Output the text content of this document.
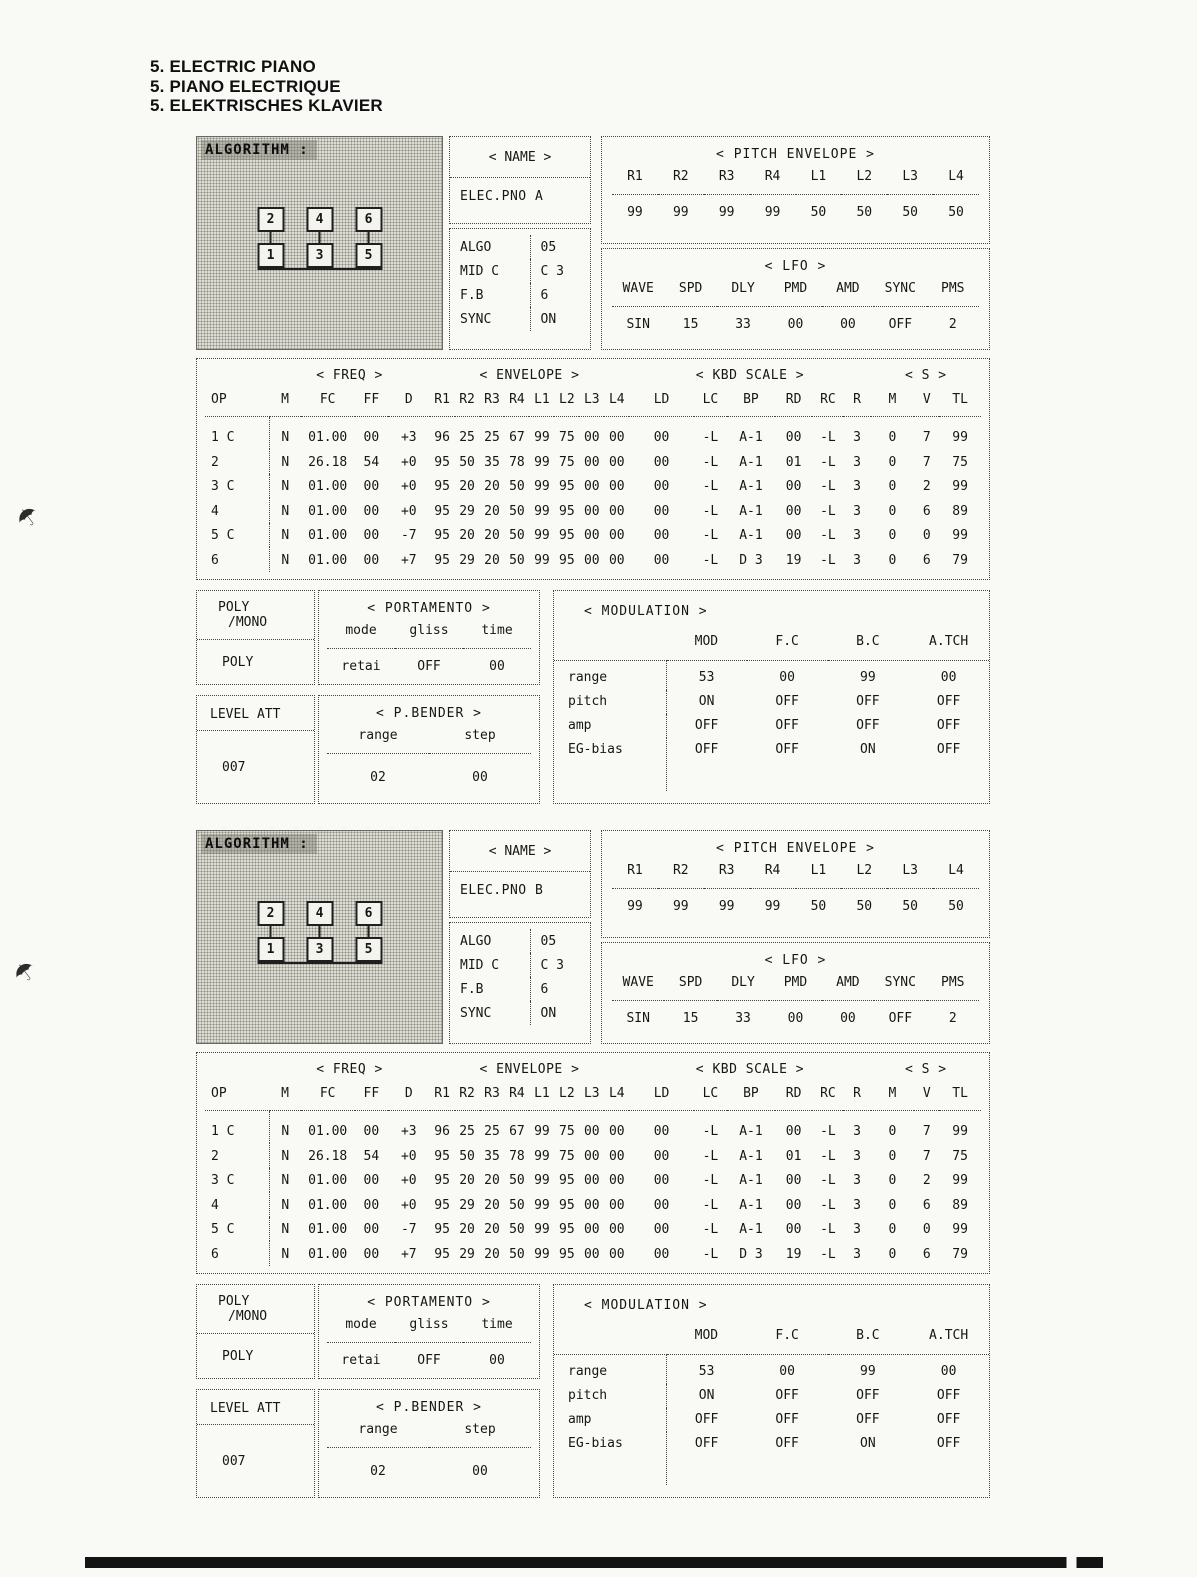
5. ELECTRIC PIANO
5. PIANO ELECTRIQUE
5. ELEKTRISCHES KLAVIER
ALGORITHM :
2
1
4
3
6
5
< NAME >
ELEC.PNO A
ALGO	05
MID C	C 3
F.B	6
SYNC	ON
< PITCH ENVELOPE >
R1	R2	R3	R4	L1	L2	L3	L4
99	99	99	99	50	50	50	50
< LFO >
WAVE	SPD	DLY	PMD	AMD	SYNC	PMS
SIN	15	33	00	00	OFF	2
	< FREQ >				< ENVELOPE >								< KBD SCALE >						< S >		
OP	M	FC	FF	D	R1	R2	R3	R4	L1	L2	L3	L4	LD	LC	BP	RD	RC	R	M	V	TL
1 C	N	01.00	00	+3	96	25	25	67	99	75	00	00	00	-L	A-1	00	-L	3	0	7	99
2	N	26.18	54	+0	95	50	35	78	99	75	00	00	00	-L	A-1	01	-L	3	0	7	75
3 C	N	01.00	00	+0	95	20	20	50	99	95	00	00	00	-L	A-1	00	-L	3	0	2	99
4	N	01.00	00	+0	95	29	20	50	99	95	00	00	00	-L	A-1	00	-L	3	0	6	89
5 C	N	01.00	00	-7	95	20	20	50	99	95	00	00	00	-L	A-1	00	-L	3	0	0	99
6	N	01.00	00	+7	95	29	20	50	99	95	00	00	00	-L	D 3	19	-L	3	0	6	79
POLY
/MONO
POLY
LEVEL ATT
007
< PORTAMENTO >
mode	gliss	time
retai	OFF	00
< P.BENDER >
range	step
02	00
< MODULATION >
	MOD	F.C	B.C	A.TCH
range	53	00	99	00
pitch	ON	OFF	OFF	OFF
amp	OFF	OFF	OFF	OFF
EG-bias	OFF	OFF	ON	OFF
ALGORITHM :
2
1
4
3
6
5
< NAME >
ELEC.PNO B
ALGO	05
MID C	C 3
F.B	6
SYNC	ON
< PITCH ENVELOPE >
R1	R2	R3	R4	L1	L2	L3	L4
99	99	99	99	50	50	50	50
< LFO >
WAVE	SPD	DLY	PMD	AMD	SYNC	PMS
SIN	15	33	00	00	OFF	2
	< FREQ >				< ENVELOPE >								< KBD SCALE >						< S >		
OP	M	FC	FF	D	R1	R2	R3	R4	L1	L2	L3	L4	LD	LC	BP	RD	RC	R	M	V	TL
1 C	N	01.00	00	+3	96	25	25	67	99	75	00	00	00	-L	A-1	00	-L	3	0	7	99
2	N	26.18	54	+0	95	50	35	78	99	75	00	00	00	-L	A-1	01	-L	3	0	7	75
3 C	N	01.00	00	+0	95	20	20	50	99	95	00	00	00	-L	A-1	00	-L	3	0	2	99
4	N	01.00	00	+0	95	29	20	50	99	95	00	00	00	-L	A-1	00	-L	3	0	6	89
5 C	N	01.00	00	-7	95	20	20	50	99	95	00	00	00	-L	A-1	00	-L	3	0	0	99
6	N	01.00	00	+7	95	29	20	50	99	95	00	00	00	-L	D 3	19	-L	3	0	6	79
POLY
/MONO
POLY
LEVEL ATT
007
< PORTAMENTO >
mode	gliss	time
retai	OFF	00
< P.BENDER >
range	step
02	00
< MODULATION >
	MOD	F.C	B.C	A.TCH
range	53	00	99	00
pitch	ON	OFF	OFF	OFF
amp	OFF	OFF	OFF	OFF
EG-bias	OFF	OFF	ON	OFF
☂
☂
